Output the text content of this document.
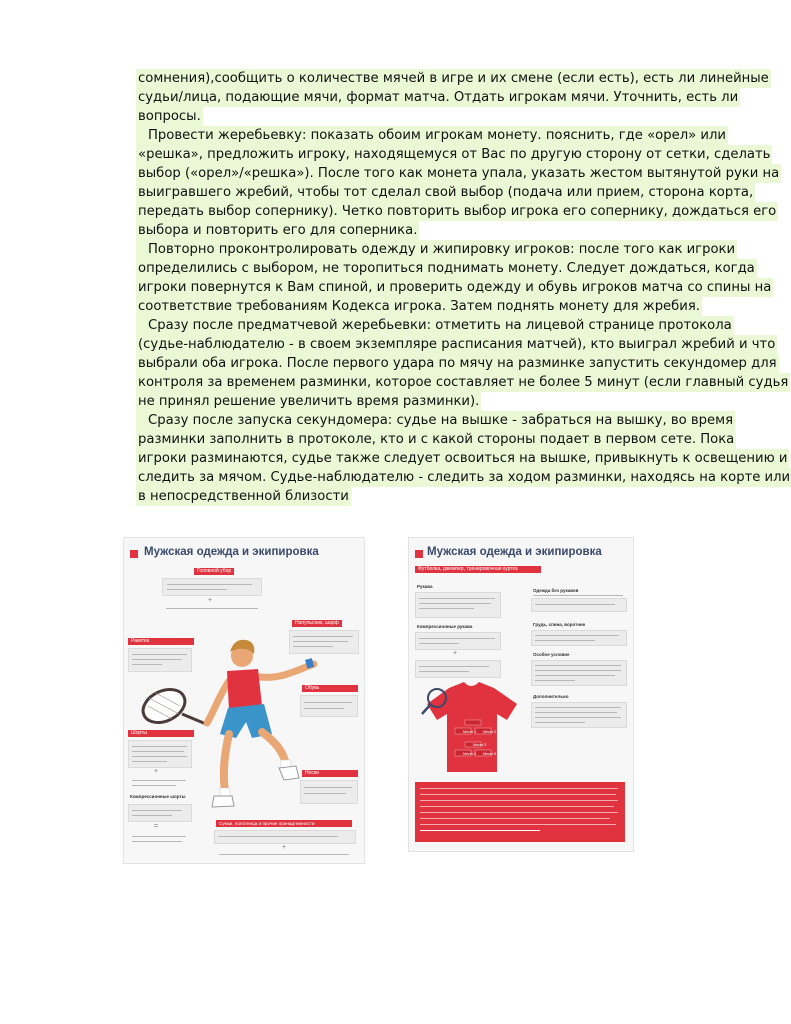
сомнения),сообщить о количестве мячей в игре и их смене (если есть), есть ли линейные
судьи/лица, подающие мячи, формат матча. Отдать игрокам мячи. Уточнить, есть ли
вопросы.
Провести жеребьевку: показать обоим игрокам монету. пояснить, где «орел» или
«решка», предложить игроку, находящемуся от Вас по другую сторону от сетки, сделать
выбор («орел»/«решка»). После того как монета упала, указать жестом вытянутой руки на
выигравшего жребий, чтобы тот сделал свой выбор (подача или прием, сторона корта,
передать выбор сопернику). Четко повторить выбор игрока его сопернику, дождаться его
выбора и повторить его для соперника.
Повторно проконтролировать одежду и жипировку игроков: после того как игроки
определились с выбором, не торопиться поднимать монету. Следует дождаться, когда
игроки повернутся к Вам спиной, и проверить одежду и обувь игроков матча со спины на
соответствие требованиям Кодекса игрока. Затем поднять монету для жребия.
Сразу после предматчевой жеребьевки: отметить на лицевой странице протокола
(судье-наблюдателю - в своем экземпляре расписания матчей), кто выиграл жребий и что
выбрали оба игрока. После первого удара по мячу на разминке запустить секундомер для
контроля за временем разминки, которое составляет не более 5 минут (если главный судья
не принял решение увеличить время разминки).
Сразу после запуска секундомера: судье на вышке - забраться на вышку, во время
разминки заполнить в протоколе, кто и с какой стороны подает в первом сете. Пока
игроки разминаются, судье также следует освоиться на вышке, привыкнуть к освещению и
следить за мячом. Судье-наблюдателю - следить за ходом разминки, находясь на корте или
в непосредственной близости
Мужская одежда и экипировка
Головной убор
+
Напульсник, шарф
Ракетка
Обувь
Шорты
+
Компрессионные шорты
=
Носки
Сумки, полотенца и прочие принадлежности
+
Мужская одежда и экипировка
Футболка, джемпер, тренировочная куртка
Рукава
Компрессионные рукава
+
Одежда без рукавов
Грудь, спина, воротник
Особое условие
Дополнительно
Место 1 Место 2
Место 3
Место 4 Место 5
